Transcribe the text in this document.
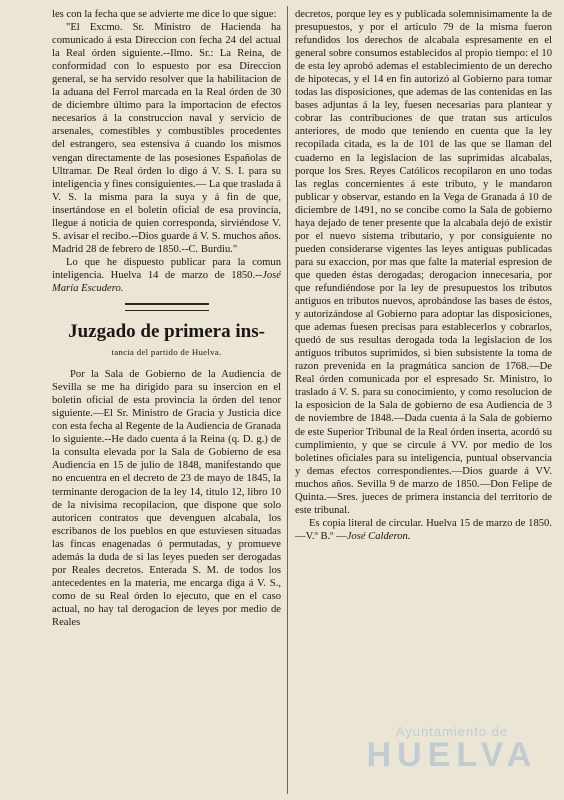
les con la fecha que se advierte me dice lo que sigue:

"El Excmo. Sr. Ministro de Hacienda ha comunicado á esta Direccion con fecha 24 del actual la Real órden siguiente.--Ilmo. Sr.: La Reina, de conformidad con lo espuesto por esa Direccion general, se ha servido resolver que la habilitacion de la aduana del Ferrol marcada en la Real órden de 30 de diciembre último para la importacion de efectos necesarios á la construccion naval y servicio de arsenales, comestibles y combustibles procedentes del estrangero, sea estensiva á cuando los mismos vengan directamente de las posesiones Españolas de Ultramar. De Real órden lo digo á V. S. I. para su inteligencia y fines consiguientes.— La que traslada á V. S. la misma para la suya y á fin de que, insertándose en el boletin oficial de esa provincia, llegue á noticia de quien corresponda, sirviéndose V. S. avisar el recibo.--Dios guarde á V. S. muchos años. Madrid 28 de febrero de 1850.--C. Burdiu."

Lo que he dispuesto publicar para la comun inteligencia. Huelva 14 de marzo de 1850.--José María Escudero.

Juzgado de primera ins-
tancia del partido de Huelva.

Por la Sala de Gobierno de la Audiencia de Sevilla se me ha dirigido para su insercion en el boletin oficial de esta provincia la órden del tenor siguiente.—El Sr. Ministro de Gracia y Justicia dice con esta fecha al Regente de la Audiencia de Granada lo siguiente.--He dado cuenta á la Reina (q. D. g.) de la consulta elevada por la Sala de Gobierno de esa Audiencia en 15 de julio de 1848, manifestando que no encuentra en el decreto de 23 de mayo de 1845, la terminante derogacion de la ley 14, titulo 12, libro 10 de la nivisima recopilacion, que dispone que solo autoricen contratos que devenguen alcabala, los escribanos de los pueblos en que estuviesen situadas las fincas enagenadas ó permutadas, y promueve además la duda de si las leyes pueden ser derogadas por Reales decretos. Enterada S. M. de todos los antecedentes en la materia, me encarga diga á V. S., como de su Real órden lo ejecuto, que en el caso actual, no hay tal derogacion de leyes por medio de Reales

decretos, porque ley es y publicada solemnisimamente la de presupuestos, y por el articulo 79 de la misma fueron refundidos los derechos de alcabala espresamente en el general sobre consumos establecidos al propio tiempo: el 10 de esta ley aprobó ademas el establecimiento de un derecho de hipotecas, y el 14 en fin autorizó al Gobierno para tomar todas las disposiciones, que ademas de las contenidas en las bases adjuntas á la ley, fuesen necesarias para plantear y cobrar las contribuciones de que tratan sus articulos anteriores, de modo que teniendo en cuenta que la ley recopilada citada, es la de 101 de las que se llaman del cuaderno en la legislacion de las suprimidas alcabalas, porque los Sres. Reyes Católicos recopilaron en uno todas las reglas concernientes á este tributo, y le mandaron publicar y observar, estando en la Vega de Granada á 10 de diciembre de 1491, no se concibe como la Sala de gobierno haya dejado de tener presente que la alcabala dejó de existir por el nuevo sistema tributario, y por consiguiente no pueden considerarse vigentes las leyes antiguas publicadas para su exaccion, por mas que falte la material espresion de que queden éstas derogadas; derogacion innecesaria, por que refundiéndose por la ley de presupuestos los tributos antiguos en tributos nuevos, aprobándose las bases de éstos, y autorizándose al Gobierno para adoptar las disposiciones, que ademas fuesen precisas para establecerlos y cobrarlos, quedó de sus resultas derogada toda la legislacion de los antiguos tributos suprimidos, si bien subsistente la toma de razon prevenida en la pragmática sancion de 1768.—De Real órden comunicada por el espresado Sr. Ministro, lo traslado á V. S. para su conocimiento, y como resolucion de la esposicion de la Sala de gobierno de esa Audiencia de 3 de noviembre de 1848.—Dada cuenta á la Sala de gobierno de este Superior Tribunal de la Real órden inserta, acordó su cumplimiento, y que se circule á VV. por medio de los boletines oficiales para su inteligencia, puntual observancia y demas efectos correspondientes.—Dios guarde á VV. muchos años. Sevilla 9 de marzo de 1850.—Don Felipe de Quinta.—Sres. jueces de primera instancia del territorio de este tribunal.

Es copia literal de circular. Huelva 15 de marzo de 1850.—V.º B.º —José Calderon.

Ayuntamiento de
HUELVA
